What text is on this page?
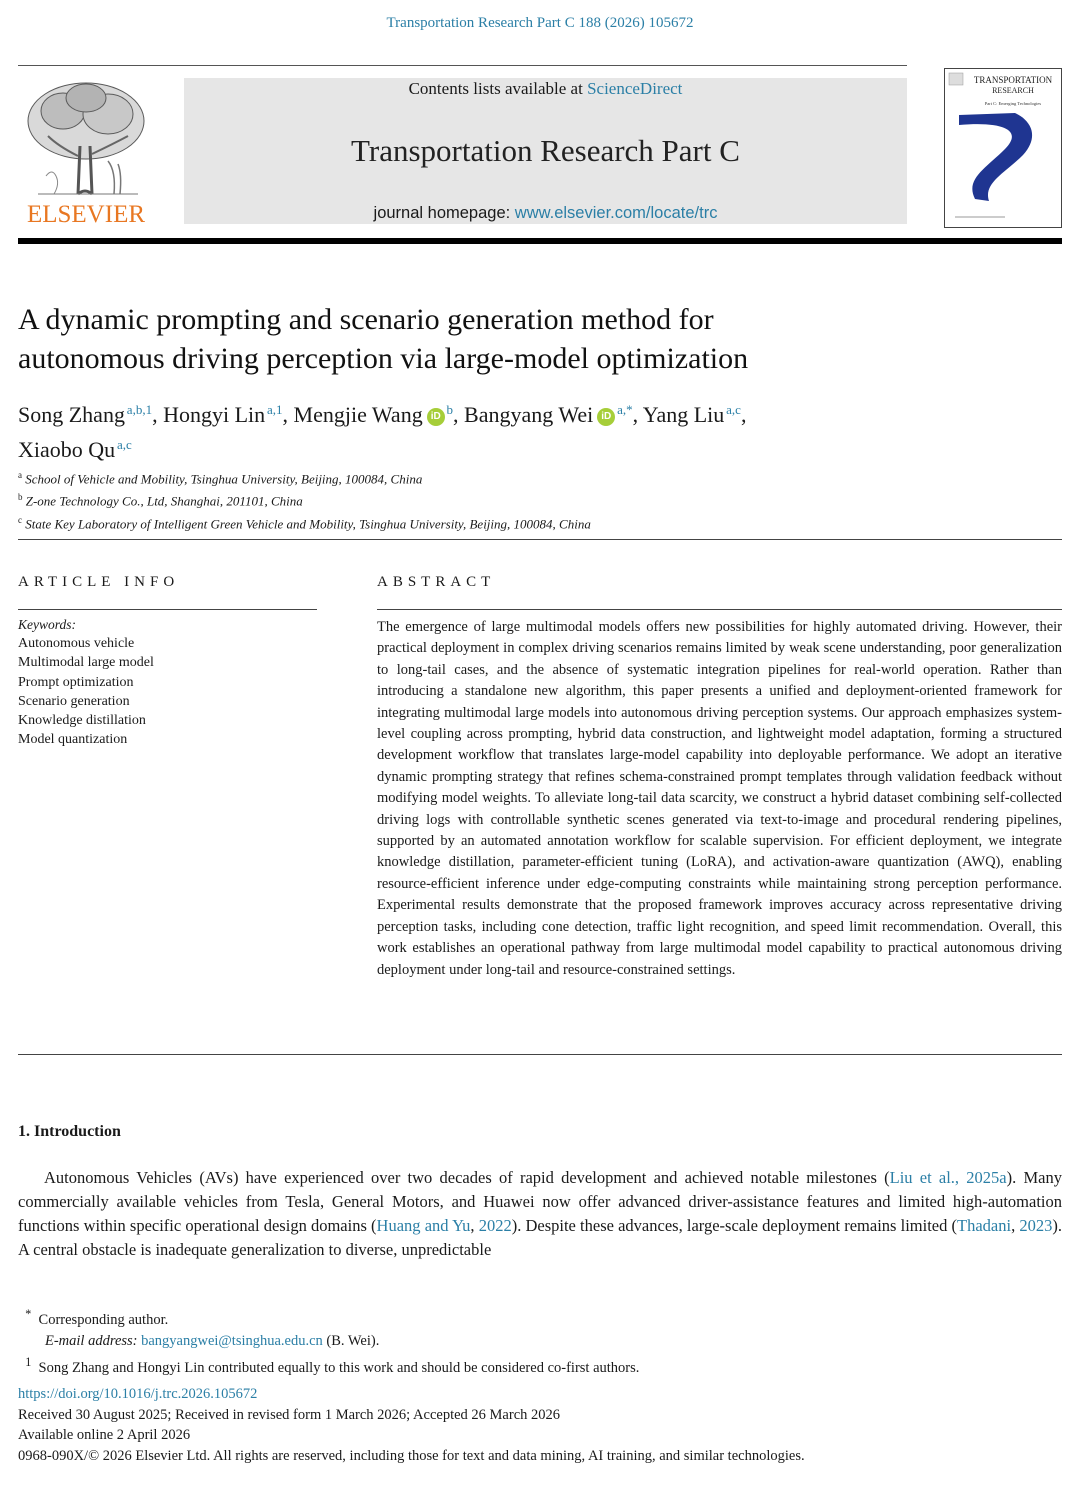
Transportation Research Part C 188 (2026) 105672
ELSEVIER
Contents lists available at ScienceDirect
Transportation Research Part C
journal homepage: www.elsevier.com/locate/trc
TRANSPORTATION
RESEARCH
Part C: Emerging Technologies
A dynamic prompting and scenario generation method for
autonomous driving perception via large-model optimization
Song Zhang  $^{a,b,1}$, Hongyi Lin  $^{a,1}$, Mengjie Wang iD  $^b$, Bangyang Wei iD  $^{a,*}$, Yang Liu  $^{a,c}$,
Xiaobo Qu  $^{a,c}$
$^a$ School of Vehicle and Mobility, Tsinghua University, Beijing, 100084, China
$^b$ Z-one Technology Co., Ltd, Shanghai, 201101, China
$^c$ State Key Laboratory of Intelligent Green Vehicle and Mobility, Tsinghua University, Beijing, 100084, China
ARTICLE INFO
Keywords:
Autonomous vehicle
Multimodal large model
Prompt optimization
Scenario generation
Knowledge distillation
Model quantization
ABSTRACT
The emergence of large multimodal models offers new possibilities for highly automated driving. However, their practical deployment in complex driving scenarios remains limited by weak scene understanding, poor generalization to long-tail cases, and the absence of systematic integration pipelines for real-world operation. Rather than introducing a standalone new algorithm, this paper presents a unified and deployment-oriented framework for integrating multimodal large models into autonomous driving perception systems. Our approach emphasizes system-level coupling across prompting, hybrid data construction, and lightweight model adaptation, forming a structured development workflow that translates large-model capability into deployable performance. We adopt an iterative dynamic prompting strategy that refines schema-constrained prompt templates through validation feedback without modifying model weights. To alleviate long-tail data scarcity, we construct a hybrid dataset combining self-collected driving logs with controllable synthetic scenes generated via text-to-image and procedural rendering pipelines, supported by an automated annotation workflow for scalable supervision. For efficient deployment, we integrate knowledge distillation, parameter-efficient tuning (LoRA), and activation-aware quantization (AWQ), enabling resource-efficient inference under edge-computing constraints while maintaining strong perception performance. Experimental results demonstrate that the proposed framework improves accuracy across representative driving perception tasks, including cone detection, traffic light recognition, and speed limit recommendation. Overall, this work establishes an operational pathway from large multimodal model capability to practical autonomous driving deployment under long-tail and resource-constrained settings.
1. Introduction
Autonomous Vehicles (AVs) have experienced over two decades of rapid development and achieved notable milestones (Liu et al., 2025a). Many commercially available vehicles from Tesla, General Motors, and Huawei now offer advanced driver-assistance features and limited high-automation functions within specific operational design domains (Huang and Yu, 2022). Despite these advances, large-scale deployment remains limited (Thadani, 2023). A central obstacle is inadequate generalization to diverse, unpredictable
* Corresponding author.
E-mail address: bangyangwei@tsinghua.edu.cn (B. Wei).
$^1$ Song Zhang and Hongyi Lin contributed equally to this work and should be considered co-first authors.
https://doi.org/10.1016/j.trc.2026.105672
Received 30 August 2025; Received in revised form 1 March 2026; Accepted 26 March 2026
Available online 2 April 2026
0968-090X/© 2026 Elsevier Ltd. All rights are reserved, including those for text and data mining, AI training, and similar technologies.
